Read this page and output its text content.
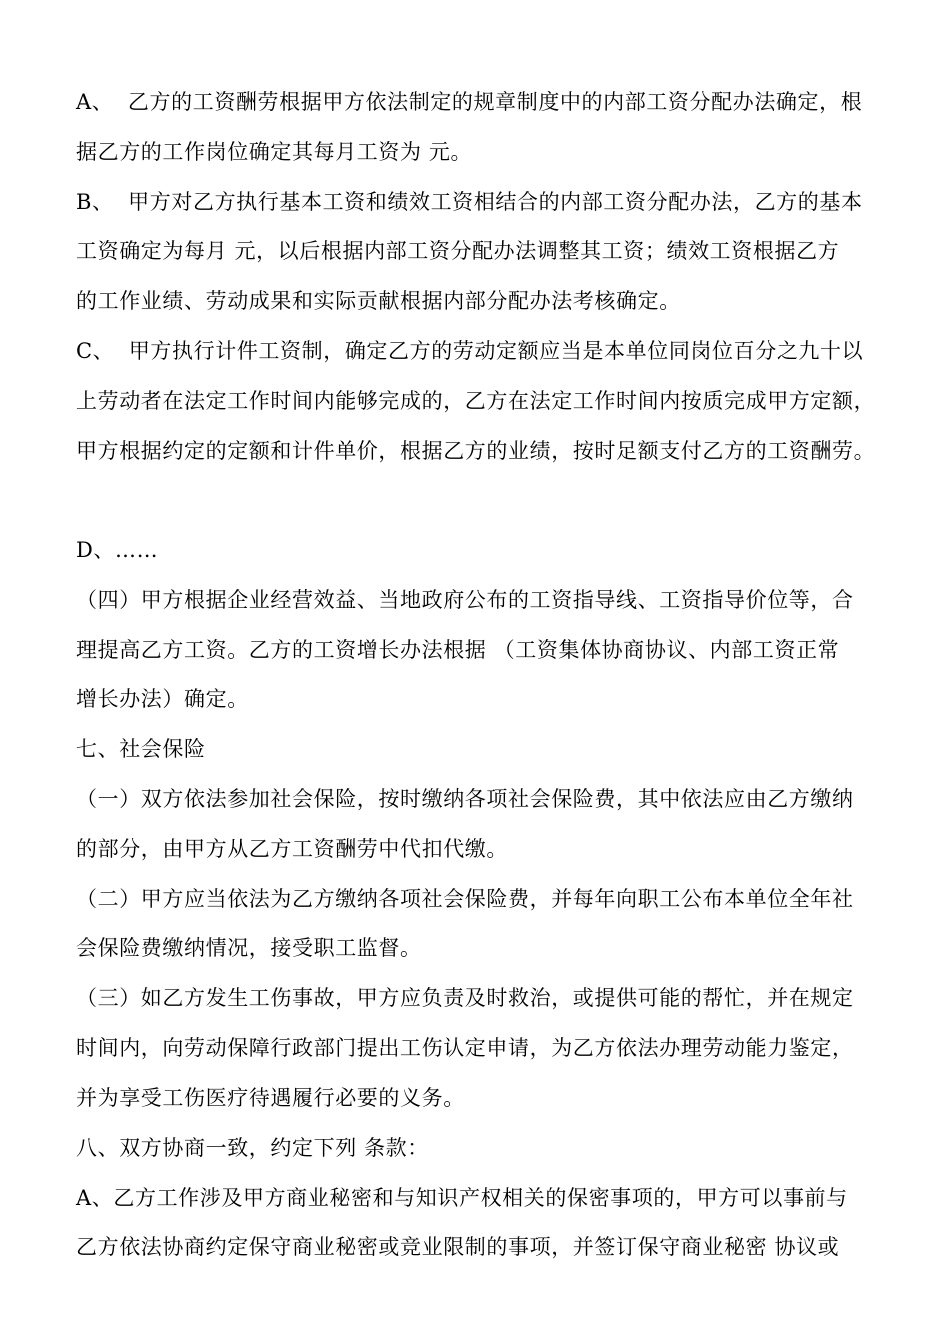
A、  乙方的工资酬劳根据甲方依法制定的规章制度中的内部工资分配办法确定，根
据乙方的工作岗位确定其每月工资为 元。
B、  甲方对乙方执行基本工资和绩效工资相结合的内部工资分配办法，乙方的基本
工资确定为每月 元，以后根据内部工资分配办法调整其工资；绩效工资根据乙方
的工作业绩、劳动成果和实际贡献根据内部分配办法考核确定。
C、  甲方执行计件工资制，确定乙方的劳动定额应当是本单位同岗位百分之九十以
上劳动者在法定工作时间内能够完成的，乙方在法定工作时间内按质完成甲方定额，
甲方根据约定的定额和计件单价，根据乙方的业绩，按时足额支付乙方的工资酬劳。
D、……
（四）甲方根据企业经营效益、当地政府公布的工资指导线、工资指导价位等，合
理提高乙方工资。乙方的工资增长办法根据 （工资集体协商协议、内部工资正常
增长办法）确定。
七、社会保险
（一）双方依法参加社会保险，按时缴纳各项社会保险费，其中依法应由乙方缴纳
的部分，由甲方从乙方工资酬劳中代扣代缴。
（二）甲方应当依法为乙方缴纳各项社会保险费，并每年向职工公布本单位全年社
会保险费缴纳情况，接受职工监督。
（三）如乙方发生工伤事故，甲方应负责及时救治，或提供可能的帮忙，并在规定
时间内，向劳动保障行政部门提出工伤认定申请，为乙方依法办理劳动能力鉴定，
并为享受工伤医疗待遇履行必要的义务。
八、双方协商一致，约定下列 条款：
A、乙方工作涉及甲方商业秘密和与知识产权相关的保密事项的，甲方可以事前与
乙方依法协商约定保守商业秘密或竞业限制的事项，并签订保守商业秘密 协议或
